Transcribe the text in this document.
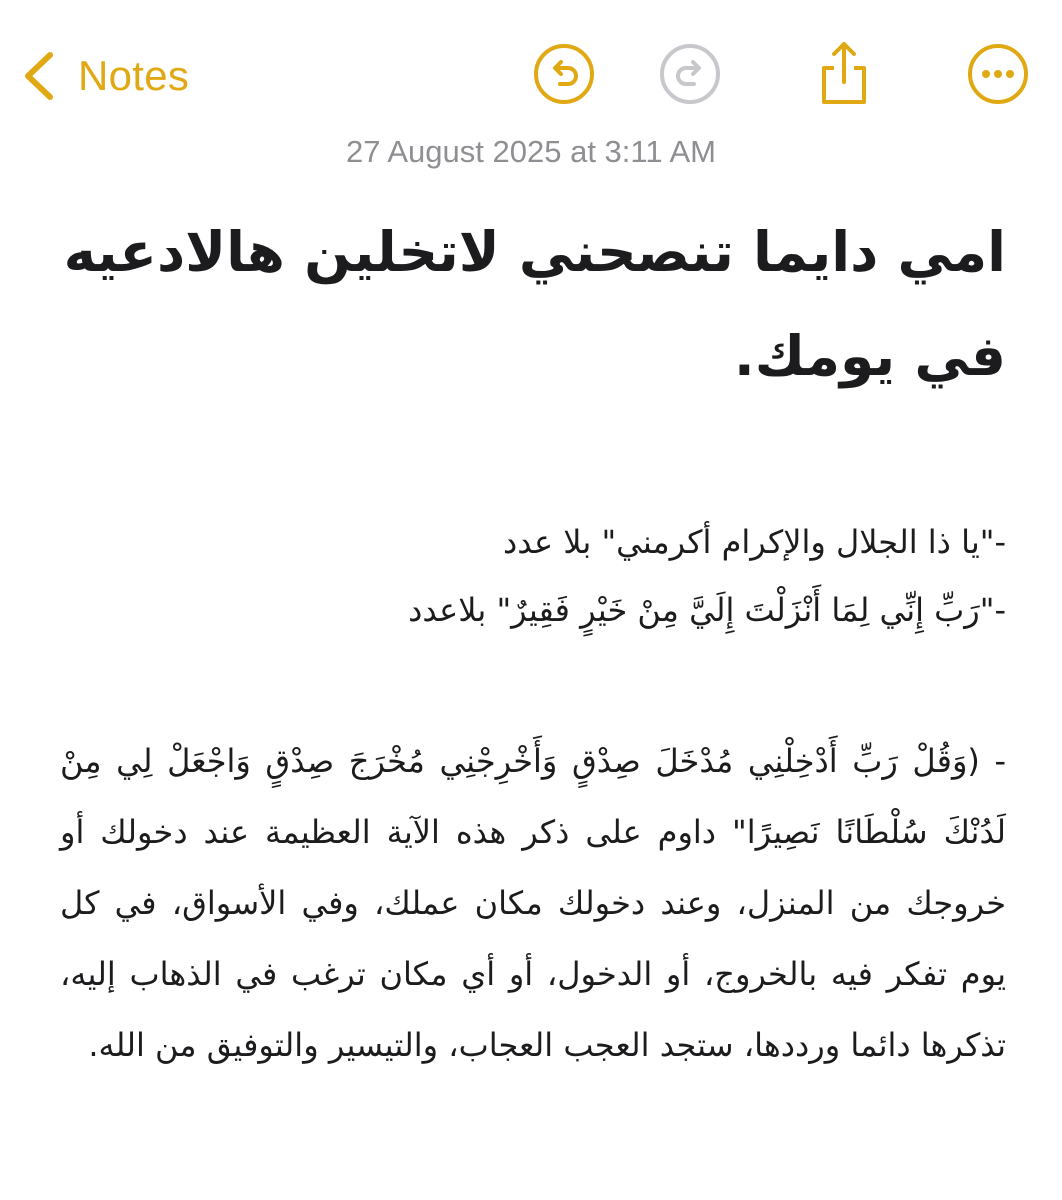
Notes
27 August 2025 at 3:11 AM
امي دايما تنصحني لاتخلين هالادعيه في يومك.
-"يا ذا الجلال والإكرام أكرمني" بلا عدد
-"رَبِّ إِنِّي لِمَا أَنْزَلْتَ إِلَيَّ مِنْ خَيْرٍ فَقِيرٌ" بلاعدد
- (وَقُلْ رَبِّ أَدْخِلْنِي مُدْخَلَ صِدْقٍ وَأَخْرِجْنِي مُخْرَجَ صِدْقٍ وَاجْعَلْ لِي مِنْ لَدُنْكَ سُلْطَانًا نَصِيرًا" داوم على ذكر هذه الآية العظيمة عند دخولك أو خروجك من المنزل، وعند دخولك مكان عملك، وفي الأسواق، في كل يوم تفكر فيه بالخروج، أو الدخول، أو أي مكان ترغب في الذهاب إليه، تذكرها دائما ورددها، ستجد العجب العجاب، والتيسير والتوفيق من الله.
